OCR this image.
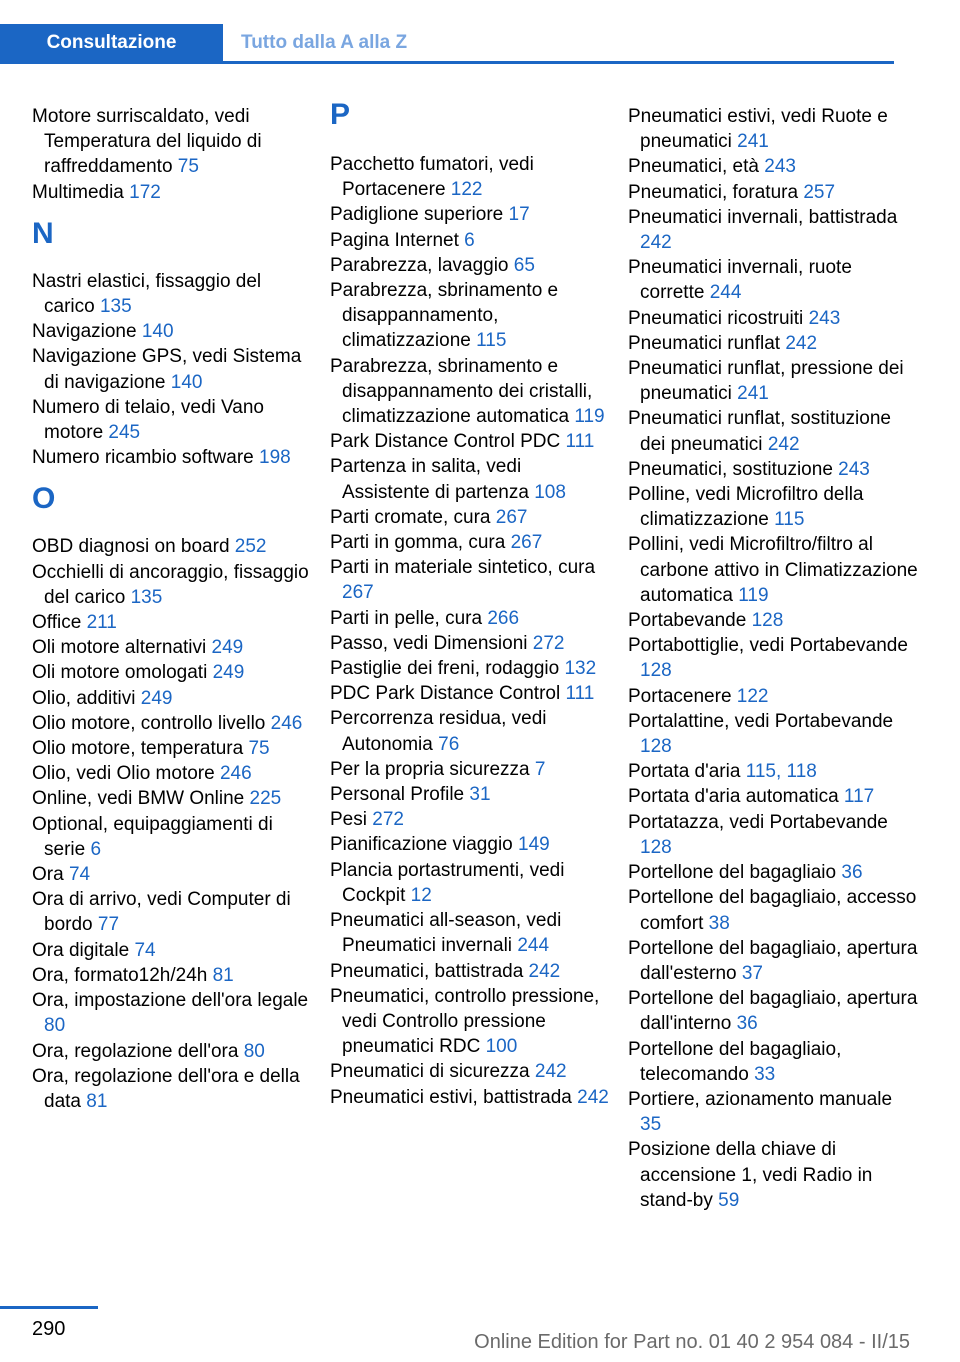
Consultazione	Tutto dalla A alla Z
Motore surriscaldato, vedi Temperatura del liquido di raffreddamento 75
Multimedia 172
N
Nastri elastici, fissaggio del carico 135
Navigazione 140
Navigazione GPS, vedi Sistema di navigazione 140
Numero di telaio, vedi Vano motore 245
Numero ricambio software 198
O
OBD diagnosi on board 252
Occhielli di ancoraggio, fissaggio del carico 135
Office 211
Oli motore alternativi 249
Oli motore omologati 249
Olio, additivi 249
Olio motore, controllo livello 246
Olio motore, temperatura 75
Olio, vedi Olio motore 246
Online, vedi BMW Online 225
Optional, equipaggiamenti di serie 6
Ora 74
Ora di arrivo, vedi Computer di bordo 77
Ora digitale 74
Ora, formato12h/24h 81
Ora, impostazione dell'ora legale 80
Ora, regolazione dell'ora 80
Ora, regolazione dell'ora e della data 81
P
Pacchetto fumatori, vedi Portacenere 122
Padiglione superiore 17
Pagina Internet 6
Parabrezza, lavaggio 65
Parabrezza, sbrinamento e disappannamento, climatizzazione 115
Parabrezza, sbrinamento e disappannamento dei cristalli, climatizzazione automatica 119
Park Distance Control PDC 111
Partenza in salita, vedi Assistente di partenza 108
Parti cromate, cura 267
Parti in gomma, cura 267
Parti in materiale sintetico, cura 267
Parti in pelle, cura 266
Passo, vedi Dimensioni 272
Pastiglie dei freni, rodaggio 132
PDC Park Distance Control 111
Percorrenza residua, vedi Autonomia 76
Per la propria sicurezza 7
Personal Profile 31
Pesi 272
Pianificazione viaggio 149
Plancia portastrumenti, vedi Cockpit 12
Pneumatici all-season, vedi Pneumatici invernali 244
Pneumatici, battistrada 242
Pneumatici, controllo pressione, vedi Controllo pressione pneumatici RDC 100
Pneumatici di sicurezza 242
Pneumatici estivi, battistrada 242
Pneumatici estivi, vedi Ruote e pneumatici 241
Pneumatici, età 243
Pneumatici, foratura 257
Pneumatici invernali, battistrada 242
Pneumatici invernali, ruote corrette 244
Pneumatici ricostruiti 243
Pneumatici runflat 242
Pneumatici runflat, pressione dei pneumatici 241
Pneumatici runflat, sostituzione dei pneumatici 242
Pneumatici, sostituzione 243
Polline, vedi Microfiltro della climatizzazione 115
Pollini, vedi Microfiltro/filtro al carbone attivo in Climatizzazione automatica 119
Portabevande 128
Portabottiglie, vedi Portabevande 128
Portacenere 122
Portalattine, vedi Portabevande 128
Portata d'aria 115, 118
Portata d'aria automatica 117
Portatazza, vedi Portabevande 128
Portellone del bagagliaio 36
Portellone del bagagliaio, accesso comfort 38
Portellone del bagagliaio, apertura dall'esterno 37
Portellone del bagagliaio, apertura dall'interno 36
Portellone del bagagliaio, telecomando 33
Portiere, azionamento manuale 35
Posizione della chiave di accensione 1, vedi Radio in stand-by 59
290
Online Edition for Part no. 01 40 2 954 084 - II/15
